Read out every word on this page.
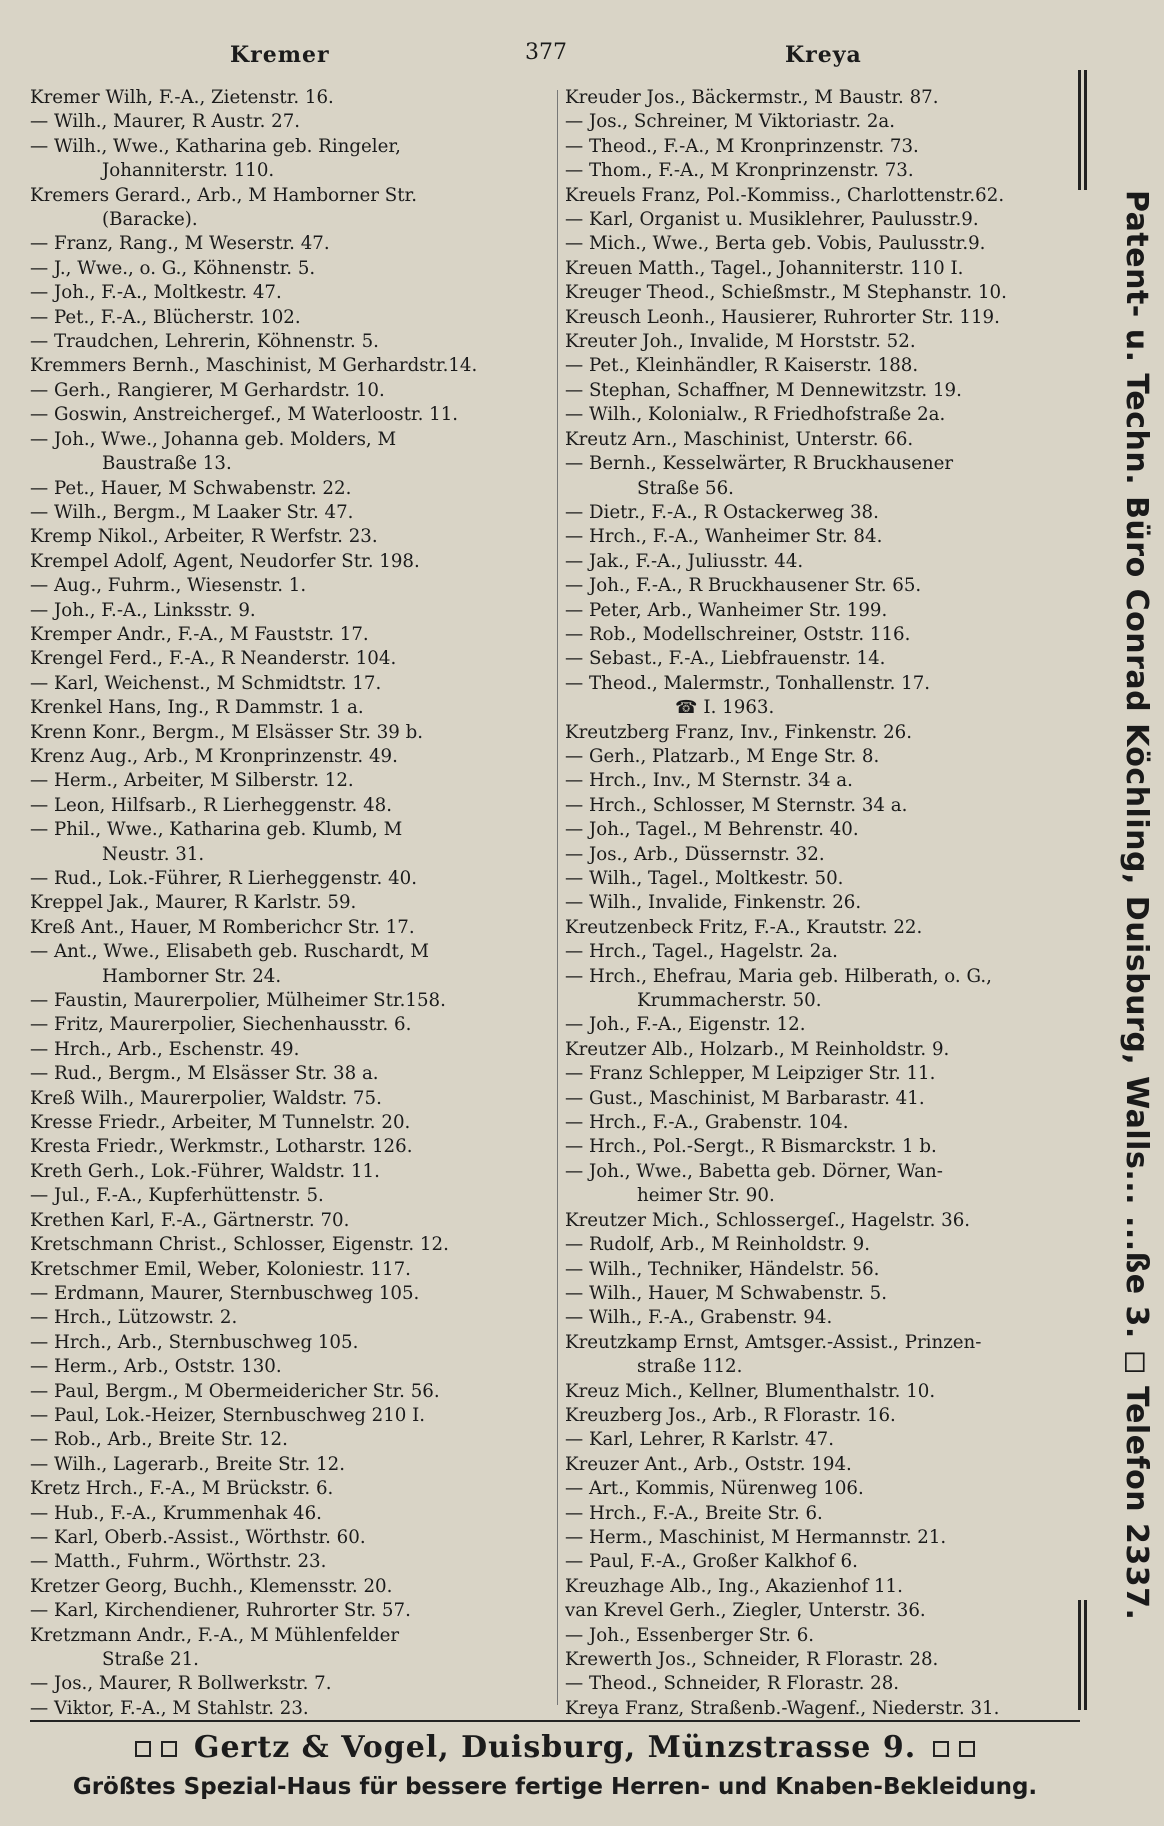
Kremer	377	Kreya
Kremer Wilh, F.-A., Zietenstr. 16.
— Wilh., Maurer, R Austr. 27.
— Wilh., Wwe., Katharina geb. Ringeler,
Johanniterstr. 110.
Kremers Gerard., Arb., M Hamborner Str.
(Baracke).
— Franz, Rang., M Weserstr. 47.
— J., Wwe., o. G., Köhnenstr. 5.
— Joh., F.-A., Moltkestr. 47.
— Pet., F.-A., Blücherstr. 102.
— Traudchen, Lehrerin, Köhnenstr. 5.
Kremmers Bernh., Maschinist, M Gerhardstr.14.
— Gerh., Rangierer, M Gerhardstr. 10.
— Goswin, Anstreichergef., M Waterloostr. 11.
— Joh., Wwe., Johanna geb. Molders, M
Baustraße 13.
— Pet., Hauer, M Schwabenstr. 22.
— Wilh., Bergm., M Laaker Str. 47.
Kremp Nikol., Arbeiter, R Werfstr. 23.
Krempel Adolf, Agent, Neudorfer Str. 198.
— Aug., Fuhrm., Wiesenstr. 1.
— Joh., F.-A., Linksstr. 9.
Kremper Andr., F.-A., M Fauststr. 17.
Krengel Ferd., F.-A., R Neanderstr. 104.
— Karl, Weichenst., M Schmidtstr. 17.
Krenkel Hans, Ing., R Dammstr. 1 a.
Krenn Konr., Bergm., M Elsässer Str. 39 b.
Krenz Aug., Arb., M Kronprinzenstr. 49.
— Herm., Arbeiter, M Silberstr. 12.
— Leon, Hilfsarb., R Lierheggenstr. 48.
— Phil., Wwe., Katharina geb. Klumb, M
Neustr. 31.
— Rud., Lok.-Führer, R Lierheggenstr. 40.
Kreppel Jak., Maurer, R Karlstr. 59.
Kreß Ant., Hauer, M Romberichcr Str. 17.
— Ant., Wwe., Elisabeth geb. Ruschardt, M
Hamborner Str. 24.
— Faustin, Maurerpolier, Mülheimer Str.158.
— Fritz, Maurerpolier, Siechenhausstr. 6.
— Hrch., Arb., Eschenstr. 49.
— Rud., Bergm., M Elsässer Str. 38 a.
Kreß Wilh., Maurerpolier, Waldstr. 75.
Kresse Friedr., Arbeiter, M Tunnelstr. 20.
Kresta Friedr., Werkmstr., Lotharstr. 126.
Kreth Gerh., Lok.-Führer, Waldstr. 11.
— Jul., F.-A., Kupferhüttenstr. 5.
Krethen Karl, F.-A., Gärtnerstr. 70.
Kretschmann Christ., Schlosser, Eigenstr. 12.
Kretschmer Emil, Weber, Koloniestr. 117.
— Erdmann, Maurer, Sternbuschweg 105.
— Hrch., Lützowstr. 2.
— Hrch., Arb., Sternbuschweg 105.
— Herm., Arb., Oststr. 130.
— Paul, Bergm., M Obermeidericher Str. 56.
— Paul, Lok.-Heizer, Sternbuschweg 210 I.
— Rob., Arb., Breite Str. 12.
— Wilh., Lagerarb., Breite Str. 12.
Kretz Hrch., F.-A., M Brückstr. 6.
— Hub., F.-A., Krummenhak 46.
— Karl, Oberb.-Assist., Wörthstr. 60.
— Matth., Fuhrm., Wörthstr. 23.
Kretzer Georg, Buchh., Klemensstr. 20.
— Karl, Kirchendiener, Ruhrorter Str. 57.
Kretzmann Andr., F.-A., M Mühlenfelder
Straße 21.
— Jos., Maurer, R Bollwerkstr. 7.
— Viktor, F.-A., M Stahlstr. 23.
Kreuder Jos., Bäckermstr., M Baustr. 87.
— Jos., Schreiner, M Viktoriastr. 2a.
— Theod., F.-A., M Kronprinzenstr. 73.
— Thom., F.-A., M Kronprinzenstr. 73.
Kreuels Franz, Pol.-Kommiss., Charlottenstr.62.
— Karl, Organist u. Musiklehrer, Paulusstr.9.
— Mich., Wwe., Berta geb. Vobis, Paulusstr.9.
Kreuen Matth., Tagel., Johanniterstr. 110 I.
Kreuger Theod., Schießmstr., M Stephanstr. 10.
Kreusch Leonh., Hausierer, Ruhrorter Str. 119.
Kreuter Joh., Invalide, M Horststr. 52.
— Pet., Kleinhändler, R Kaiserstr. 188.
— Stephan, Schaffner, M Dennewitzstr. 19.
— Wilh., Kolonialw., R Friedhofstraße 2a.
Kreutz Arn., Maschinist, Unterstr. 66.
— Bernh., Kesselwärter, R Bruckhausener
Straße 56.
— Dietr., F.-A., R Ostackerweg 38.
— Hrch., F.-A., Wanheimer Str. 84.
— Jak., F.-A., Juliusstr. 44.
— Joh., F.-A., R Bruckhausener Str. 65.
— Peter, Arb., Wanheimer Str. 199.
— Rob., Modellschreiner, Oststr. 116.
— Sebast., F.-A., Liebfrauenstr. 14.
— Theod., Malermstr., Tonhallenstr. 17.
☎ I. 1963.
Kreutzberg Franz, Inv., Finkenstr. 26.
— Gerh., Platzarb., M Enge Str. 8.
— Hrch., Inv., M Sternstr. 34 a.
— Hrch., Schlosser, M Sternstr. 34 a.
— Joh., Tagel., M Behrenstr. 40.
— Jos., Arb., Düssernstr. 32.
— Wilh., Tagel., Moltkestr. 50.
— Wilh., Invalide, Finkenstr. 26.
Kreutzenbeck Fritz, F.-A., Krautstr. 22.
— Hrch., Tagel., Hagelstr. 2a.
— Hrch., Ehefrau, Maria geb. Hilberath, o. G.,
Krummacherstr. 50.
— Joh., F.-A., Eigenstr. 12.
Kreutzer Alb., Holzarb., M Reinholdstr. 9.
— Franz Schlepper, M Leipziger Str. 11.
— Gust., Maschinist, M Barbarastr. 41.
— Hrch., F.-A., Grabenstr. 104.
— Hrch., Pol.-Sergt., R Bismarckstr. 1 b.
— Joh., Wwe., Babetta geb. Dörner, Wan-
heimer Str. 90.
Kreutzer Mich., Schlossergeſ., Hagelstr. 36.
— Rudolf, Arb., M Reinholdstr. 9.
— Wilh., Techniker, Händelstr. 56.
— Wilh., Hauer, M Schwabenstr. 5.
— Wilh., F.-A., Grabenstr. 94.
Kreutzkamp Ernst, Amtsger.-Assist., Prinzen-
straße 112.
Kreuz Mich., Kellner, Blumenthalstr. 10.
Kreuzberg Jos., Arb., R Florastr. 16.
— Karl, Lehrer, R Karlstr. 47.
Kreuzer Ant., Arb., Oststr. 194.
— Art., Kommis, Nürenweg 106.
— Hrch., F.-A., Breite Str. 6.
— Herm., Maschinist, M Hermannstr. 21.
— Paul, F.-A., Großer Kalkhof 6.
Kreuzhage Alb., Ing., Akazienhof 11.
van Krevel Gerh., Ziegler, Unterstr. 36.
— Joh., Essenberger Str. 6.
Krewerth Jos., Schneider, R Florastr. 28.
— Theod., Schneider, R Florastr. 28.
Kreya Franz, Straßenb.-Wagenf., Niederstr. 31.
Patent- u. Techn. Büro Conrad Köchling, Duisburg, Walls... ...ße 3. ◻ Telefon 2337.
Gertz & Vogel, Duisburg, Münzstrasse 9.
Größtes Spezial-Haus für bessere fertige Herren- und Knaben-Bekleidung.
